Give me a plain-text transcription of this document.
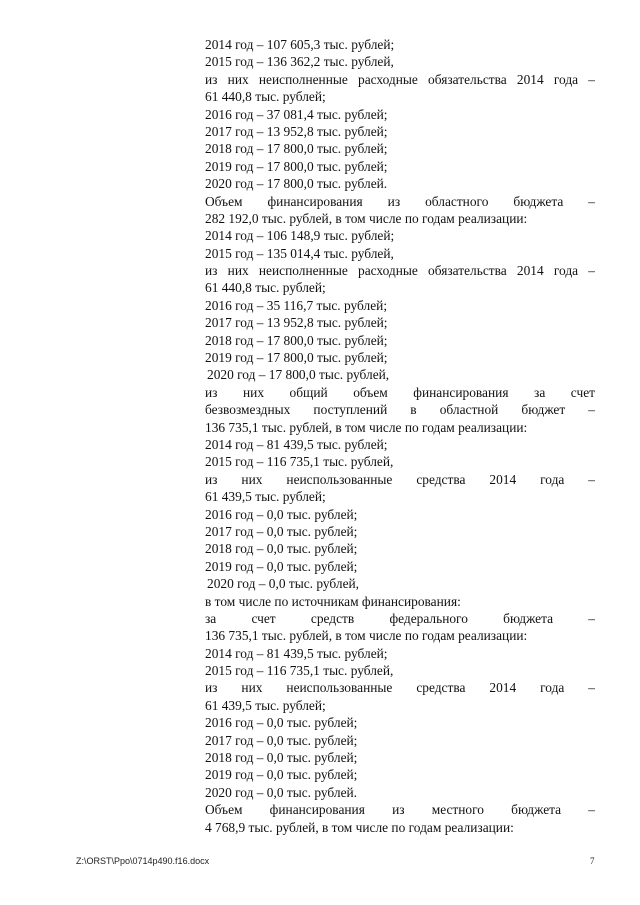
2014 год – 107 605,3 тыс. рублей;
2015 год – 136 362,2 тыс. рублей,
из них неисполненные расходные обязательства 2014 года –
61 440,8 тыс. рублей;
2016 год – 37 081,4 тыс. рублей;
2017 год – 13 952,8 тыс. рублей;
2018 год – 17 800,0 тыс. рублей;
2019 год – 17 800,0 тыс. рублей;
2020 год – 17 800,0 тыс. рублей.
Объем финансирования из областного бюджета –
282 192,0 тыс. рублей, в том числе по годам реализации:
2014 год – 106 148,9 тыс. рублей;
2015 год – 135 014,4 тыс. рублей,
из них неисполненные расходные обязательства 2014 года –
61 440,8 тыс. рублей;
2016 год – 35 116,7 тыс. рублей;
2017 год – 13 952,8 тыс. рублей;
2018 год – 17 800,0 тыс. рублей;
2019 год – 17 800,0 тыс. рублей;
2020 год – 17 800,0 тыс. рублей,
из них общий объем финансирования за счет
безвозмездных поступлений в областной бюджет –
136 735,1 тыс. рублей, в том числе по годам реализации:
2014 год – 81 439,5 тыс. рублей;
2015 год – 116 735,1 тыс. рублей,
из них неиспользованные средства 2014 года –
61 439,5 тыс. рублей;
2016 год – 0,0 тыс. рублей;
2017 год – 0,0 тыс. рублей;
2018 год – 0,0 тыс. рублей;
2019 год – 0,0 тыс. рублей;
2020 год – 0,0 тыс. рублей,
в том числе по источникам финансирования:
за счет средств федерального бюджета –
136 735,1 тыс. рублей, в том числе по годам реализации:
2014 год – 81 439,5 тыс. рублей;
2015 год – 116 735,1 тыс. рублей,
из них неиспользованные средства 2014 года –
61 439,5 тыс. рублей;
2016 год – 0,0 тыс. рублей;
2017 год – 0,0 тыс. рублей;
2018 год – 0,0 тыс. рублей;
2019 год – 0,0 тыс. рублей;
2020 год – 0,0 тыс. рублей.
Объем финансирования из местного бюджета –
4 768,9 тыс. рублей, в том числе по годам реализации:
Z:\ORST\Ppo\0714p490.f16.docx	7
